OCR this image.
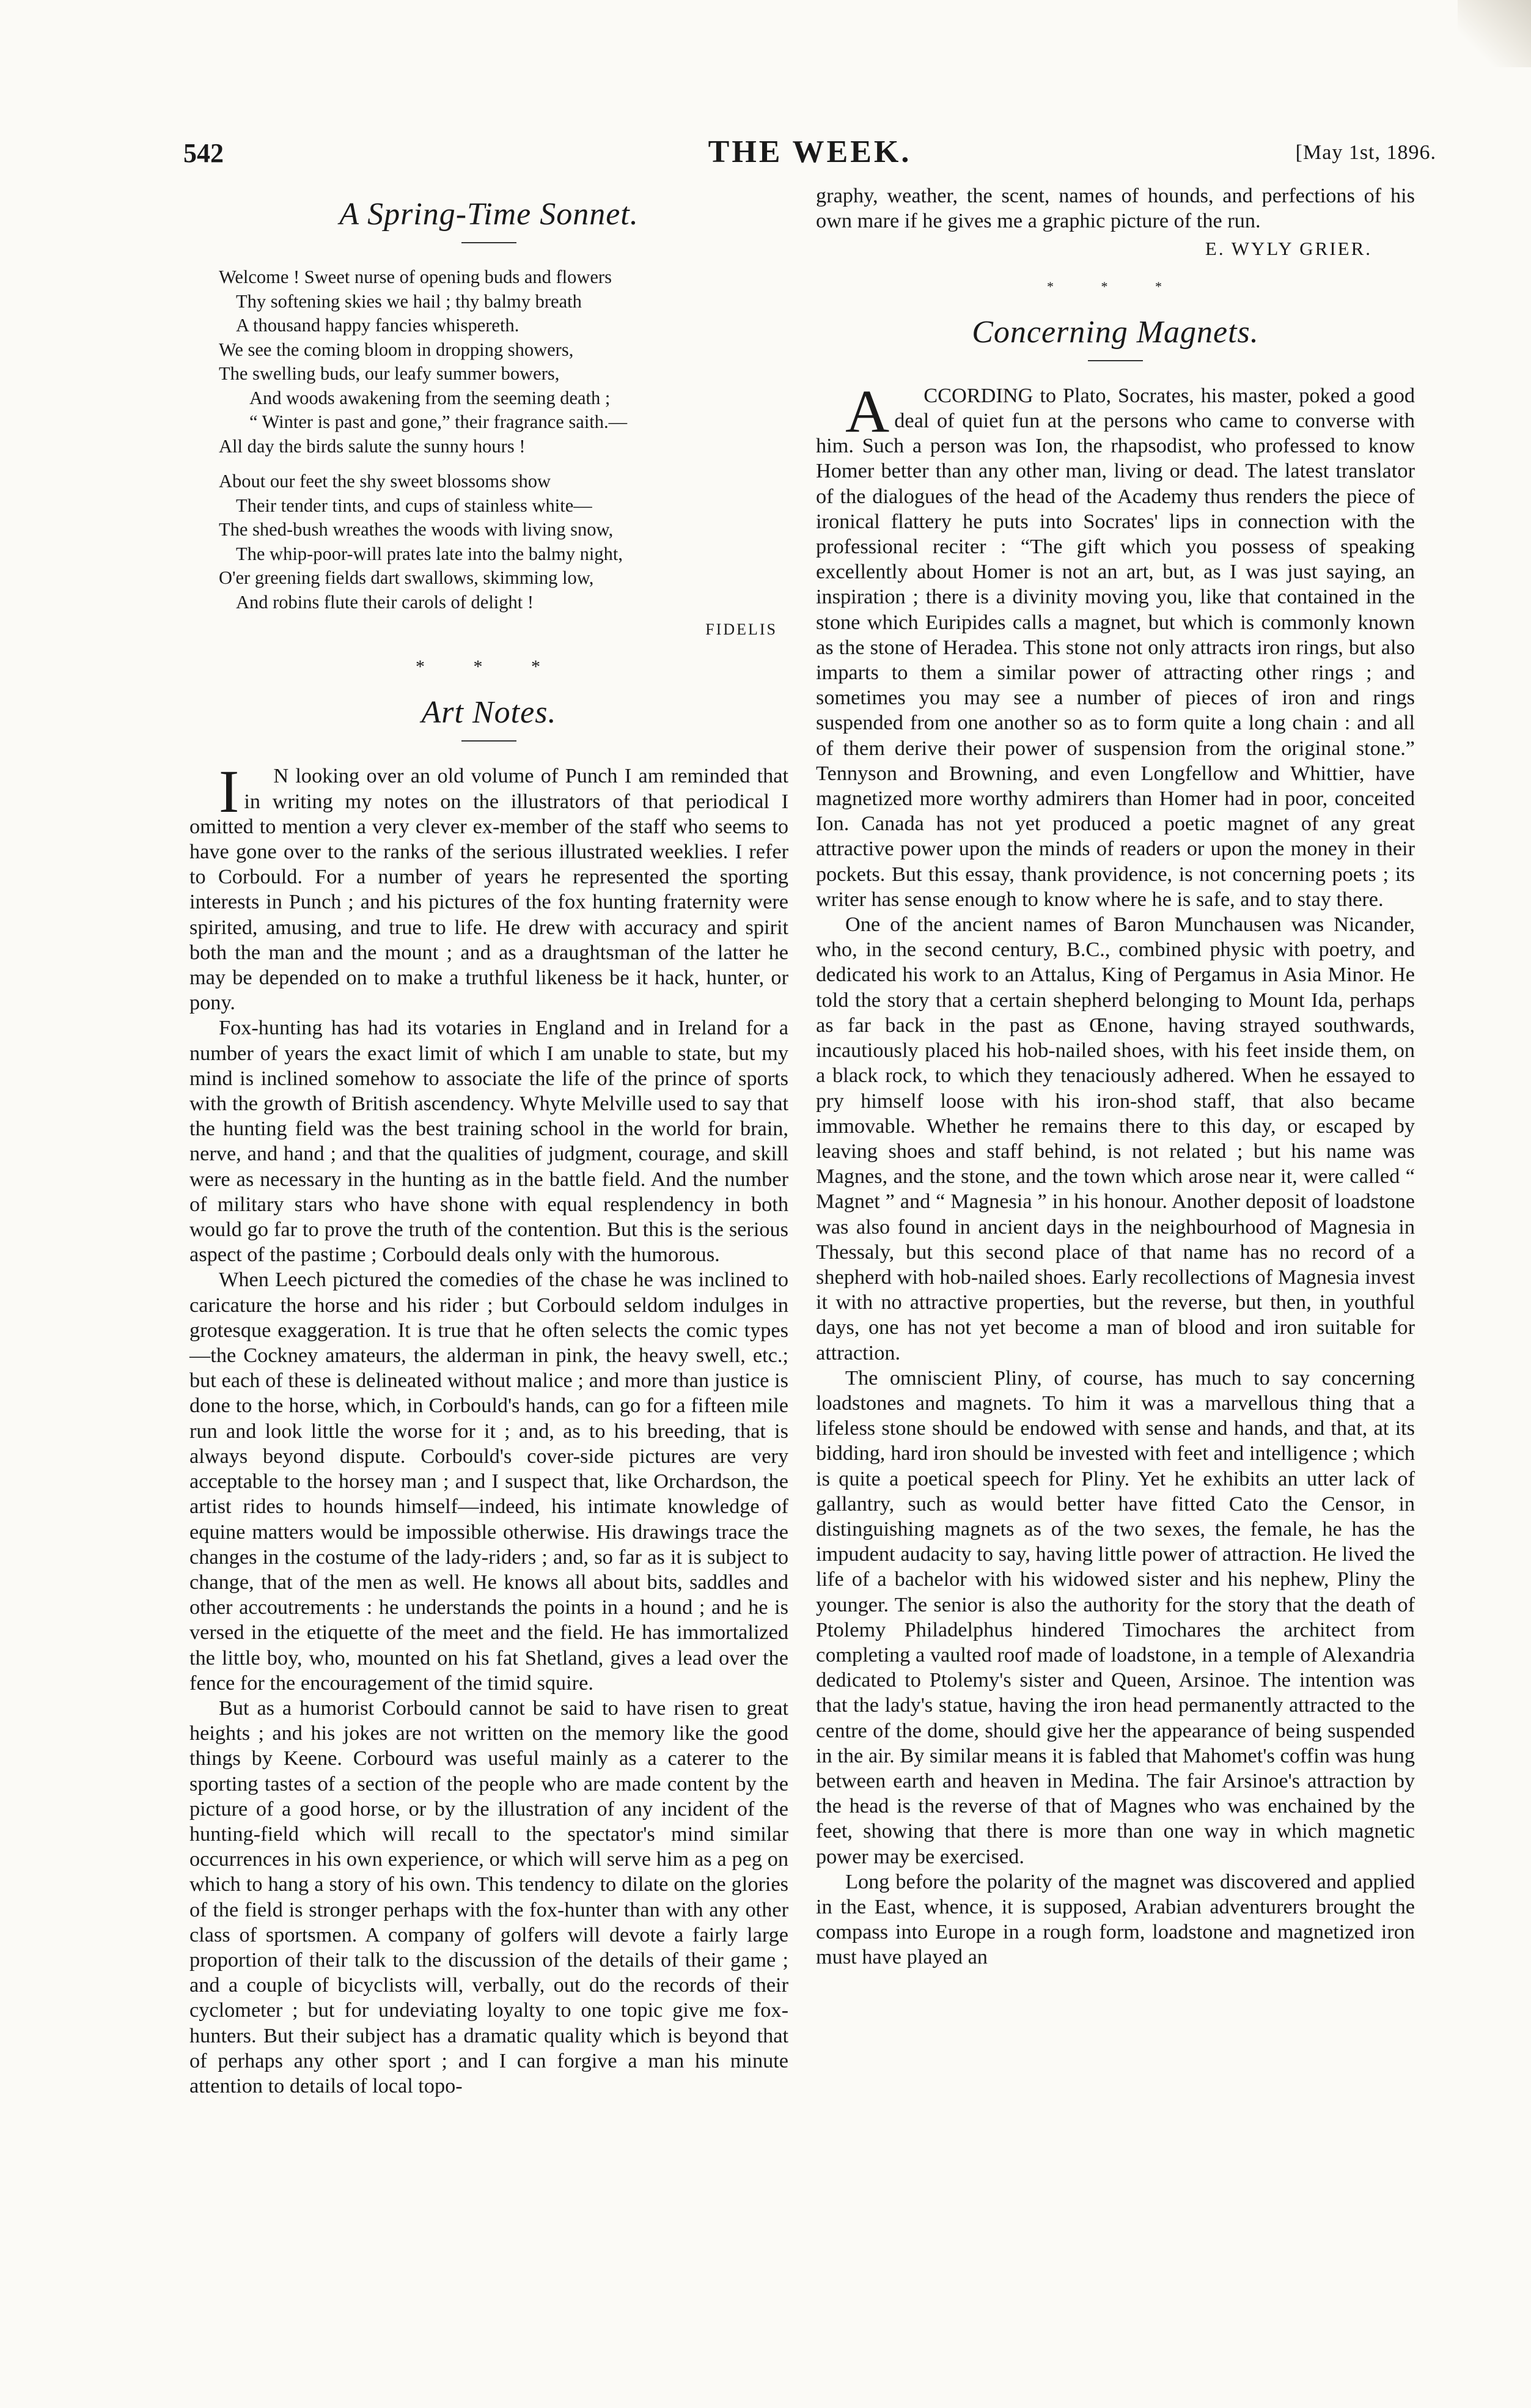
542	THE WEEK.	[May 1st, 1896.
A Spring-Time Sonnet.
Welcome ! Sweet nurse of opening buds and flowers
Thy softening skies we hail ; thy balmy breath
A thousand happy fancies whispereth.
We see the coming bloom in dropping showers,
The swelling buds, our leafy summer bowers,
And woods awakening from the seeming death ;
“ Winter is past and gone,” their fragrance saith.—
All day the birds salute the sunny hours !
About our feet the shy sweet blossoms show
Their tender tints, and cups of stainless white—
The shed-bush wreathes the woods with living snow,
The whip-poor-will prates late into the balmy night,
O'er greening fields dart swallows, skimming low,
And robins flute their carols of delight !
FIDELIS
* * *
Art Notes.

I N looking over an old volume of Punch I am reminded that in writing my notes on the illustrators of that periodical I omitted to mention a very clever ex-member of the staff who seems to have gone over to the ranks of the serious illustrated weeklies. I refer to Corbould. For a number of years he represented the sporting interests in Punch ; and his pictures of the fox hunting fraternity were spirited, amusing, and true to life. He drew with accuracy and spirit both the man and the mount ; and as a draughtsman of the latter he may be depended on to make a truthful likeness be it hack, hunter, or pony.

Fox-hunting has had its votaries in England and in Ireland for a number of years the exact limit of which I am unable to state, but my mind is inclined somehow to associate the life of the prince of sports with the growth of British ascendency. Whyte Melville used to say that the hunting field was the best training school in the world for brain, nerve, and hand ; and that the qualities of judgment, courage, and skill were as necessary in the hunting as in the battle field. And the number of military stars who have shone with equal resplendency in both would go far to prove the truth of the contention. But this is the serious aspect of the pastime ; Corbould deals only with the humorous.

When Leech pictured the comedies of the chase he was inclined to caricature the horse and his rider ; but Corbould seldom indulges in grotesque exaggeration. It is true that he often selects the comic types—the Cockney amateurs, the alderman in pink, the heavy swell, etc.; but each of these is delineated without malice ; and more than justice is done to the horse, which, in Corbould's hands, can go for a fifteen mile run and look little the worse for it ; and, as to his breeding, that is always beyond dispute. Corbould's cover-side pictures are very acceptable to the horsey man ; and I suspect that, like Orchardson, the artist rides to hounds himself—indeed, his intimate knowledge of equine matters would be impossible otherwise. His drawings trace the changes in the costume of the lady-riders ; and, so far as it is subject to change, that of the men as well. He knows all about bits, saddles and other accoutrements : he understands the points in a hound ; and he is versed in the etiquette of the meet and the field. He has immortalized the little boy, who, mounted on his fat Shetland, gives a lead over the fence for the encouragement of the timid squire.

But as a humorist Corbould cannot be said to have risen to great heights ; and his jokes are not written on the memory like the good things by Keene. Corbourd was useful mainly as a caterer to the sporting tastes of a section of the people who are made content by the picture of a good horse, or by the illustration of any incident of the hunting-field which will recall to the spectator's mind similar occurrences in his own experience, or which will serve him as a peg on which to hang a story of his own. This tendency to dilate on the glories of the field is stronger perhaps with the fox-hunter than with any other class of sportsmen. A company of golfers will devote a fairly large proportion of their talk to the discussion of the details of their game ; and a couple of bicyclists will, verbally, out do the records of their cyclometer ; but for undeviating loyalty to one topic give me fox-hunters. But their subject has a dramatic quality which is beyond that of perhaps any other sport ; and I can forgive a man his minute attention to details of local topo-

graphy, weather, the scent, names of hounds, and perfections of his own mare if he gives me a graphic picture of the run.

E. WYLY GRIER.
* * *
Concerning Magnets.

A CCORDING to Plato, Socrates, his master, poked a good deal of quiet fun at the persons who came to converse with him. Such a person was Ion, the rhapsodist, who professed to know Homer better than any other man, living or dead. The latest translator of the dialogues of the head of the Academy thus renders the piece of ironical flattery he puts into Socrates' lips in connection with the professional reciter : “The gift which you possess of speaking excellently about Homer is not an art, but, as I was just saying, an inspiration ; there is a divinity moving you, like that contained in the stone which Euripides calls a magnet, but which is commonly known as the stone of Heradea. This stone not only attracts iron rings, but also imparts to them a similar power of attracting other rings ; and sometimes you may see a number of pieces of iron and rings suspended from one another so as to form quite a long chain : and all of them derive their power of suspension from the original stone.” Tennyson and Browning, and even Longfellow and Whittier, have magnetized more worthy admirers than Homer had in poor, conceited Ion. Canada has not yet produced a poetic magnet of any great attractive power upon the minds of readers or upon the money in their pockets. But this essay, thank providence, is not concerning poets ; its writer has sense enough to know where he is safe, and to stay there.

One of the ancient names of Baron Munchausen was Nicander, who, in the second century, B.C., combined physic with poetry, and dedicated his work to an Attalus, King of Pergamus in Asia Minor. He told the story that a certain shepherd belonging to Mount Ida, perhaps as far back in the past as Œnone, having strayed southwards, incautiously placed his hob-nailed shoes, with his feet inside them, on a black rock, to which they tenaciously adhered. When he essayed to pry himself loose with his iron-shod staff, that also became immovable. Whether he remains there to this day, or escaped by leaving shoes and staff behind, is not related ; but his name was Magnes, and the stone, and the town which arose near it, were called “ Magnet ” and “ Magnesia ” in his honour. Another deposit of loadstone was also found in ancient days in the neighbourhood of Magnesia in Thessaly, but this second place of that name has no record of a shepherd with hob-nailed shoes. Early recollections of Magnesia invest it with no attractive properties, but the reverse, but then, in youthful days, one has not yet become a man of blood and iron suitable for attraction.

The omniscient Pliny, of course, has much to say concerning loadstones and magnets. To him it was a marvellous thing that a lifeless stone should be endowed with sense and hands, and that, at its bidding, hard iron should be invested with feet and intelligence ; which is quite a poetical speech for Pliny. Yet he exhibits an utter lack of gallantry, such as would better have fitted Cato the Censor, in distinguishing magnets as of the two sexes, the female, he has the impudent audacity to say, having little power of attraction. He lived the life of a bachelor with his widowed sister and his nephew, Pliny the younger. The senior is also the authority for the story that the death of Ptolemy Philadelphus hindered Timochares the architect from completing a vaulted roof made of loadstone, in a temple of Alexandria dedicated to Ptolemy's sister and Queen, Arsinoe. The intention was that the lady's statue, having the iron head permanently attracted to the centre of the dome, should give her the appearance of being suspended in the air. By similar means it is fabled that Mahomet's coffin was hung between earth and heaven in Medina. The fair Arsinoe's attraction by the head is the reverse of that of Magnes who was enchained by the feet, showing that there is more than one way in which magnetic power may be exercised.

Long before the polarity of the magnet was discovered and applied in the East, whence, it is supposed, Arabian adventurers brought the compass into Europe in a rough form, loadstone and magnetized iron must have played an
